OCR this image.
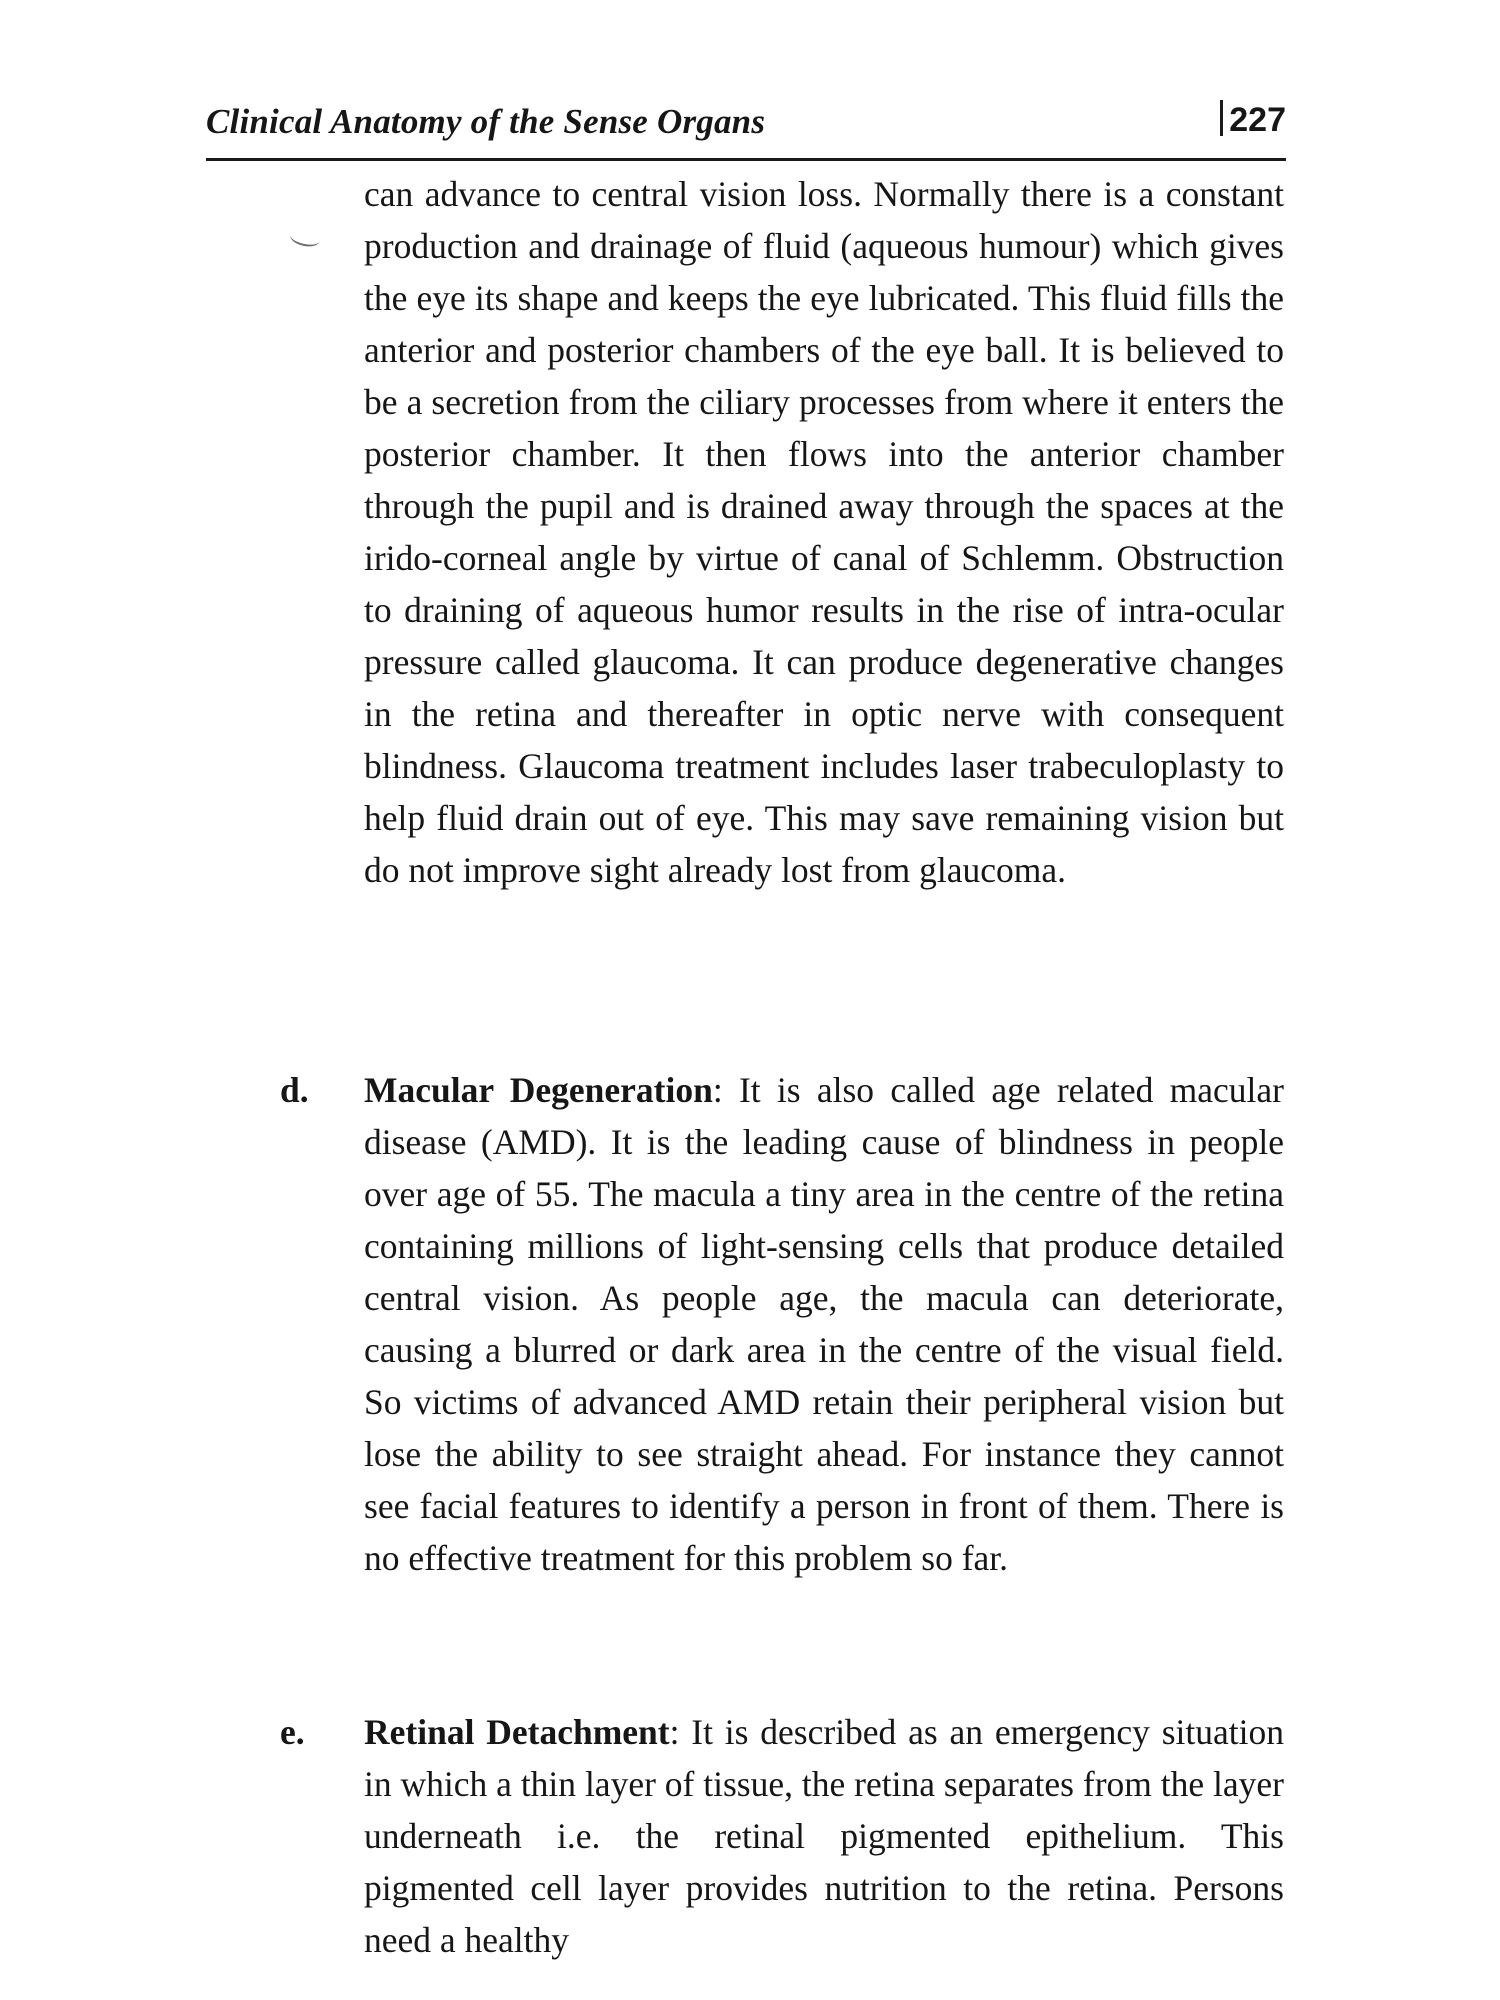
Clinical Anatomy of the Sense Organs	227

can advance to central vision loss. Normally there is a constant production and drainage of fluid (aqueous humour) which gives the eye its shape and keeps the eye lubricated. This fluid fills the anterior and posterior chambers of the eye ball. It is believed to be a secretion from the ciliary processes from where it enters the posterior chamber. It then flows into the anterior chamber through the pupil and is drained away through the spaces at the irido-corneal angle by virtue of canal of Schlemm. Obstruction to draining of aqueous humor results in the rise of intra-ocular pressure called glaucoma. It can produce degenerative changes in the retina and thereafter in optic nerve with consequent blindness. Glaucoma treatment includes laser trabeculoplasty to help fluid drain out of eye. This may save remaining vision but do not improve sight already lost from glaucoma.

d. Macular Degeneration: It is also called age related macular disease (AMD). It is the leading cause of blindness in people over age of 55. The macula a tiny area in the centre of the retina containing millions of light-sensing cells that produce detailed central vision. As people age, the macula can deteriorate, causing a blurred or dark area in the centre of the visual field. So victims of advanced AMD retain their peripheral vision but lose the ability to see straight ahead. For instance they cannot see facial features to identify a person in front of them. There is no effective treatment for this problem so far.

e. Retinal Detachment: It is described as an emergency situation in which a thin layer of tissue, the retina separates from the layer underneath i.e. the retinal pigmented epithelium. This pigmented cell layer provides nutrition to the retina. Persons need a healthy
